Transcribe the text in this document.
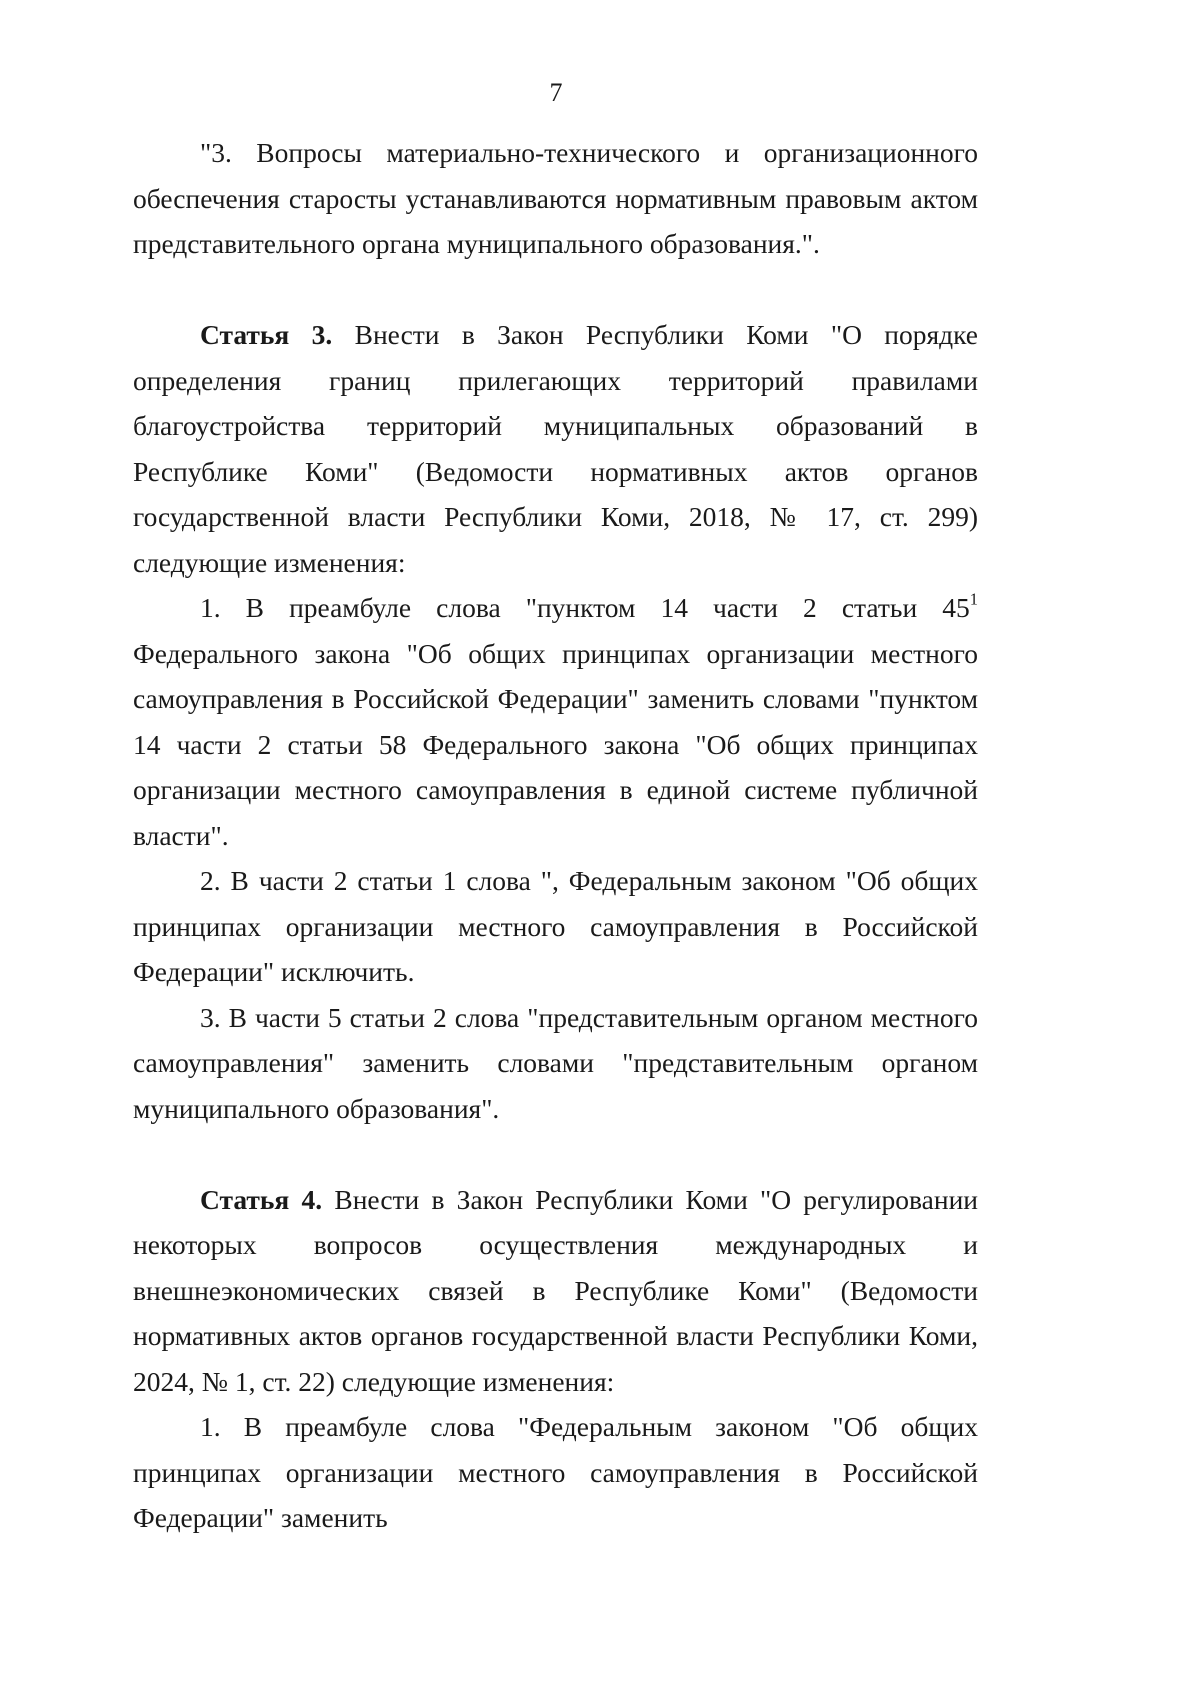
7

"3. Вопросы материально-технического и организационного обеспечения старосты устанавливаются нормативным правовым актом представительного органа муниципального образования.".

Статья 3. Внести в Закон Республики Коми "О порядке определения границ прилегающих территорий правилами благоустройства территорий муниципальных образований в Республике Коми" (Ведомости нормативных актов органов государственной власти Республики Коми, 2018, № 17, ст. 299) следующие изменения:

1. В преамбуле слова "пунктом 14 части 2 статьи $45^1$ Федерального закона "Об общих принципах организации местного самоуправления в Российской Федерации" заменить словами "пунктом 14 части 2 статьи 58 Федерального закона "Об общих принципах организации местного самоуправления в единой системе публичной власти".

2. В части 2 статьи 1 слова ", Федеральным законом "Об общих принципах организации местного самоуправления в Российской Федерации" исключить.

3. В части 5 статьи 2 слова "представительным органом местного самоуправления" заменить словами "представительным органом муниципального образования".

Статья 4. Внести в Закон Республики Коми "О регулировании некоторых вопросов осуществления международных и внешнеэкономических связей в Республике Коми" (Ведомости нормативных актов органов государственной власти Республики Коми, 2024, № 1, ст. 22) следующие изменения:

1. В преамбуле слова "Федеральным законом "Об общих принципах организации местного самоуправления в Российской Федерации" заменить
